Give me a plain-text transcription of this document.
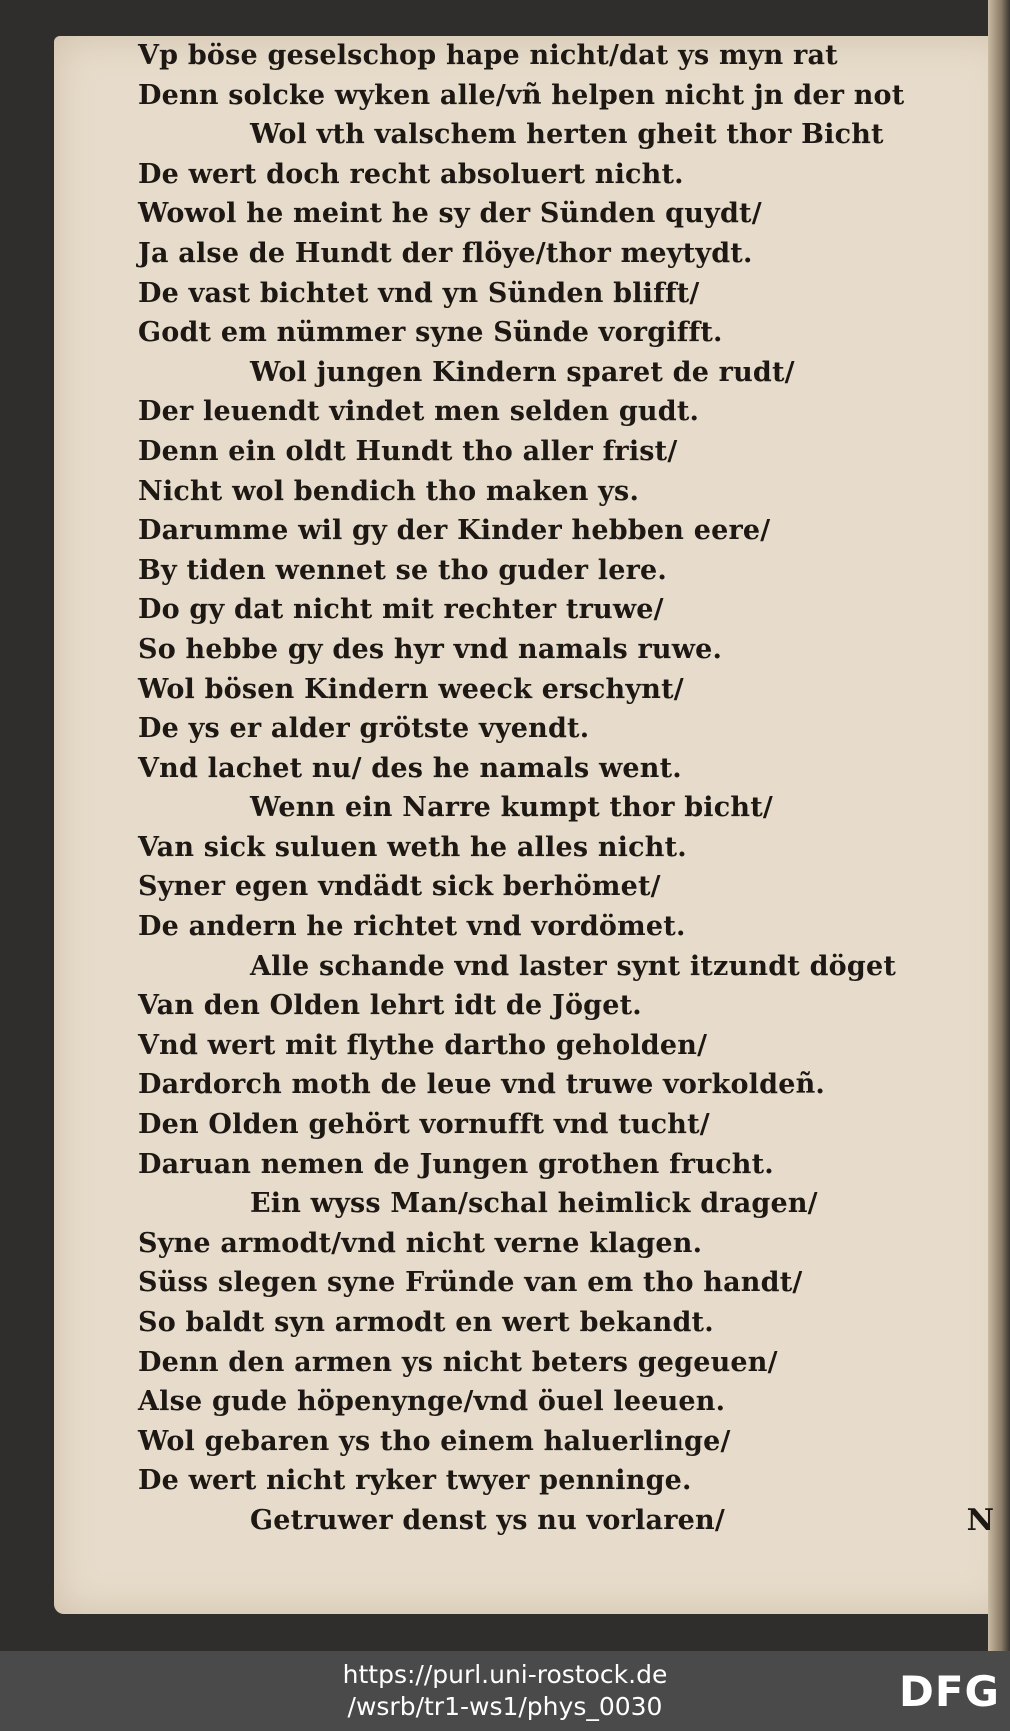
Vp böse geselschop hape nicht/dat ys myn rat
Denn solcke wyken alle/vñ helpen nicht jn der not
Wol vth valschem herten gheit thor Bicht
De wert doch recht absoluert nicht.
Wowol he meint he sy der Sünden quydt/
Ja alse de Hundt der flöye/thor meytydt.
De vast bichtet vnd yn Sünden blifft/
Godt em nümmer syne Sünde vorgifft.
Wol jungen Kindern sparet de rudt/
Der leuendt vindet men selden gudt.
Denn ein oldt Hundt tho aller frist/
Nicht wol bendich tho maken ys.
Darumme wil gy der Kinder hebben eere/
By tiden wennet se tho guder lere.
Do gy dat nicht mit rechter truwe/
So hebbe gy des hyr vnd namals ruwe.
Wol bösen Kindern weeck erschynt/
De ys er alder grötste vyendt.
Vnd lachet nu/ des he namals went.
Wenn ein Narre kumpt thor bicht/
Van sick suluen weth he alles nicht.
Syner egen vndädt sick berhömet/
De andern he richtet vnd vordömet.
Alle schande vnd laster synt itzundt döget
Van den Olden lehrt idt de Jöget.
Vnd wert mit flythe dartho geholden/
Dardorch moth de leue vnd truwe vorkoldeñ.
Den Olden gehört vornufft vnd tucht/
Daruan nemen de Jungen grothen frucht.
Ein wyss Man/schal heimlick dragen/
Syne armodt/vnd nicht verne klagen.
Süss slegen syne Fründe van em tho handt/
So baldt syn armodt en wert bekandt.
Denn den armen ys nicht beters gegeuen/
Alse gude höpenynge/vnd öuel leeuen.
Wol gebaren ys tho einem haluerlinge/
De wert nicht ryker twyer penninge.
Getruwer denst ys nu vorlaren/	N
https://purl.uni-rostock.de
/wsrb/tr1-ws1/phys_0030	DFG
